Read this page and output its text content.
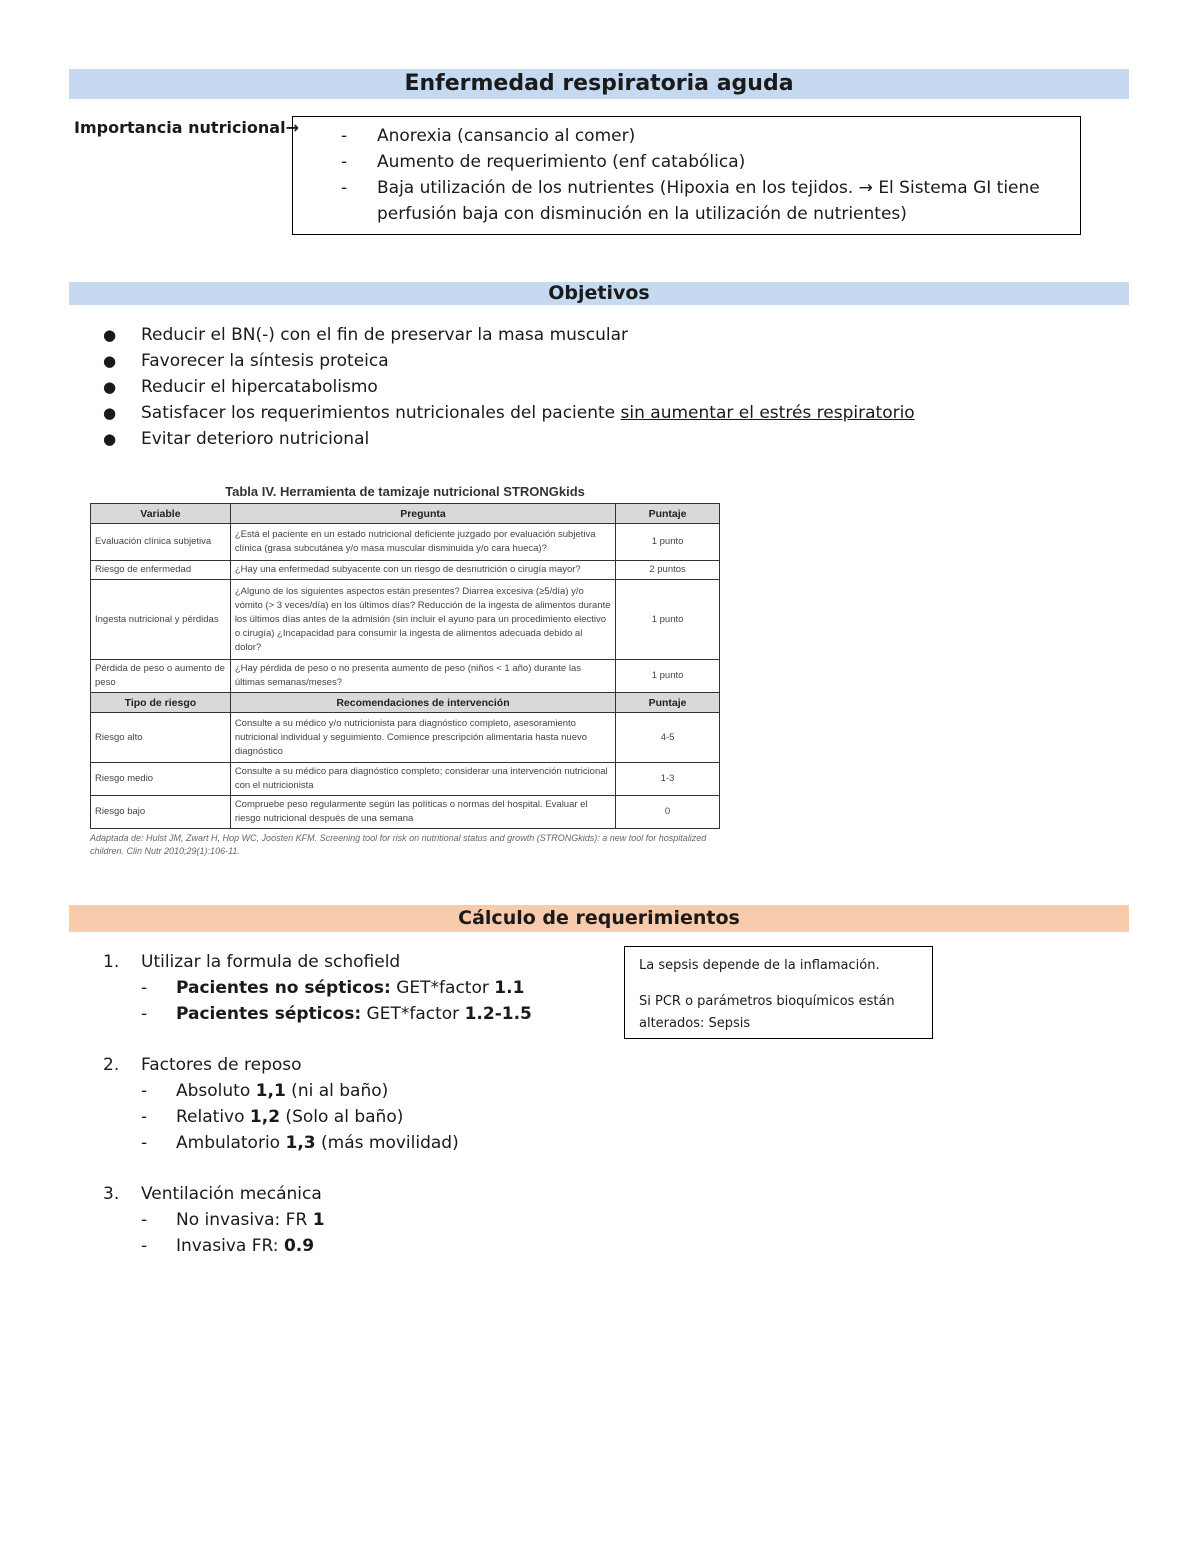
Enfermedad respiratoria aguda
Importancia nutricional→ - Anorexia (cansancio al comer)
- Aumento de requerimiento (enf catabólica)
- Baja utilización de los nutrientes (Hipoxia en los tejidos. → El Sistema GI tiene
perfusión baja con disminución en la utilización de nutrientes)
Objetivos
● Reducir el BN(-) con el fin de preservar la masa muscular
● Favorecer la síntesis proteica
● Reducir el hipercatabolismo
● Satisfacer los requerimientos nutricionales del paciente sin aumentar el estrés respiratorio
● Evitar deterioro nutricional
Tabla IV. Herramienta de tamizaje nutricional STRONGkids
Variable	Pregunta	Puntaje
Evaluación clínica subjetiva	¿Está el paciente en un estado nutricional deficiente juzgado por evaluación subjetiva clínica (grasa subcutánea y/o masa muscular disminuida y/o cara hueca)?	1 punto
Riesgo de enfermedad	¿Hay una enfermedad subyacente con un riesgo de desnutrición o cirugía mayor?	2 puntos
Ingesta nutricional y pérdidas	¿Alguno de los siguientes aspectos están presentes? Diarrea excesiva (≥5/día) y/o vómito (> 3 veces/día) en los últimos días? Reducción de la ingesta de alimentos durante los últimos días antes de la admisión (sin incluir el ayuno para un procedimiento electivo o cirugía) ¿Incapacidad para consumir la ingesta de alimentos adecuada debido al dolor?	1 punto
Pérdida de peso o aumento de peso	¿Hay pérdida de peso o no presenta aumento de peso (niños < 1 año) durante las últimas semanas/meses?	1 punto
Tipo de riesgo	Recomendaciones de intervención	Puntaje
Riesgo alto	Consulte a su médico y/o nutricionista para diagnóstico completo, asesoramiento nutricional individual y seguimiento. Comience prescripción alimentaria hasta nuevo diagnóstico	4-5
Riesgo medio	Consulte a su médico para diagnóstico completo; considerar una intervención nutricional con el nutricionista	1-3
Riesgo bajo	Compruebe peso regularmente según las políticas o normas del hospital. Evaluar el riesgo nutricional después de una semana	0
Adaptada de: Hulst JM, Zwart H, Hop WC, Joosten KFM. Screening tool for risk on nutritional status and growth (STRONGkids): a new tool for hospitalized children. Clin Nutr 2010;29(1):106-11.
Cálculo de requerimientos
1. Utilizar la formula de schofield
- Pacientes no sépticos: GET*factor 1.1
- Pacientes sépticos: GET*factor 1.2-1.5
2. Factores de reposo
- Absoluto 1,1 (ni al baño)
- Relativo 1,2 (Solo al baño)
- Ambulatorio 1,3 (más movilidad)
3. Ventilación mecánica
- No invasiva: FR 1
- Invasiva FR: 0.9

La sepsis depende de la inflamación.

Si PCR o parámetros bioquímicos están alterados: Sepsis
